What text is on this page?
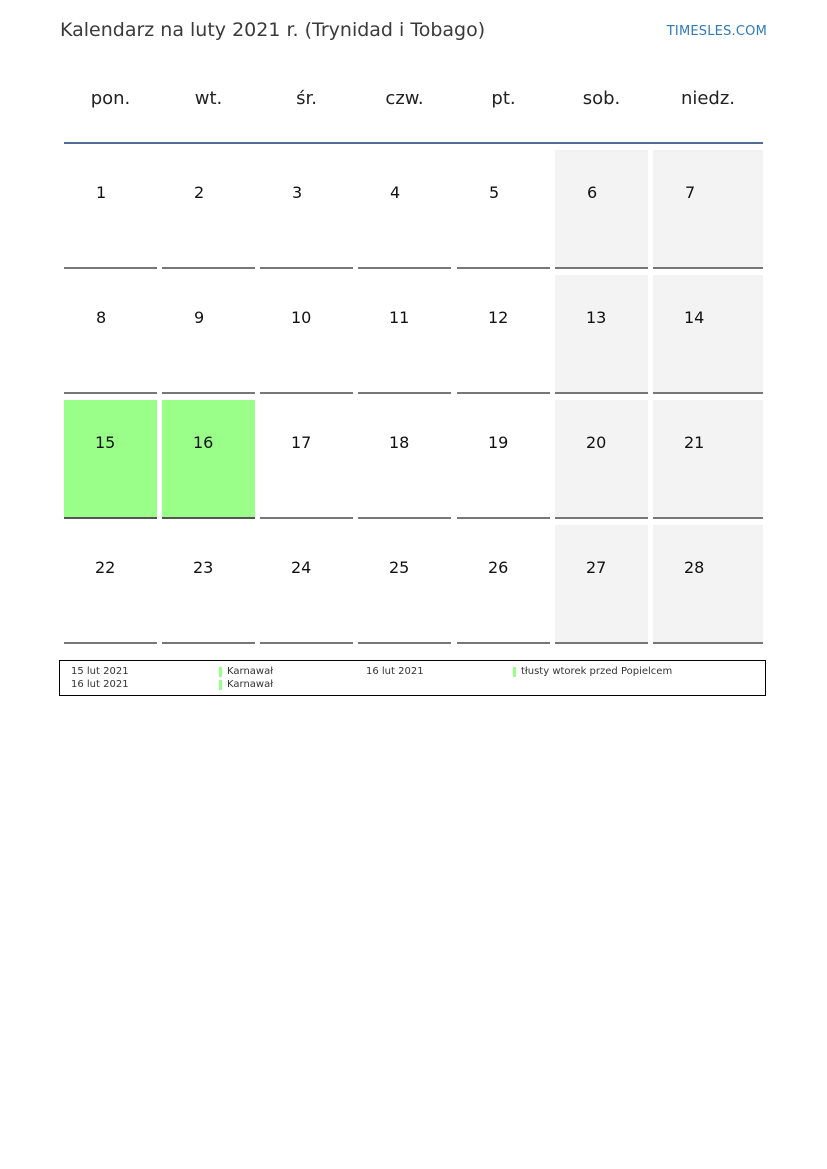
Kalendarz na luty 2021 r. (Trynidad i Tobago)	TIMESLES.COM
pon.	wt.	śr.	czw.	pt.	sob.	niedz.
1	2	3	4	5	6	7
8	9	10	11	12	13	14
15	16	17	18	19	20	21
22	23	24	25	26	27	28
15 lut 2021	Karnawał
16 lut 2021	Karnawał
16 lut 2021	tłusty wtorek przed Popielcem
